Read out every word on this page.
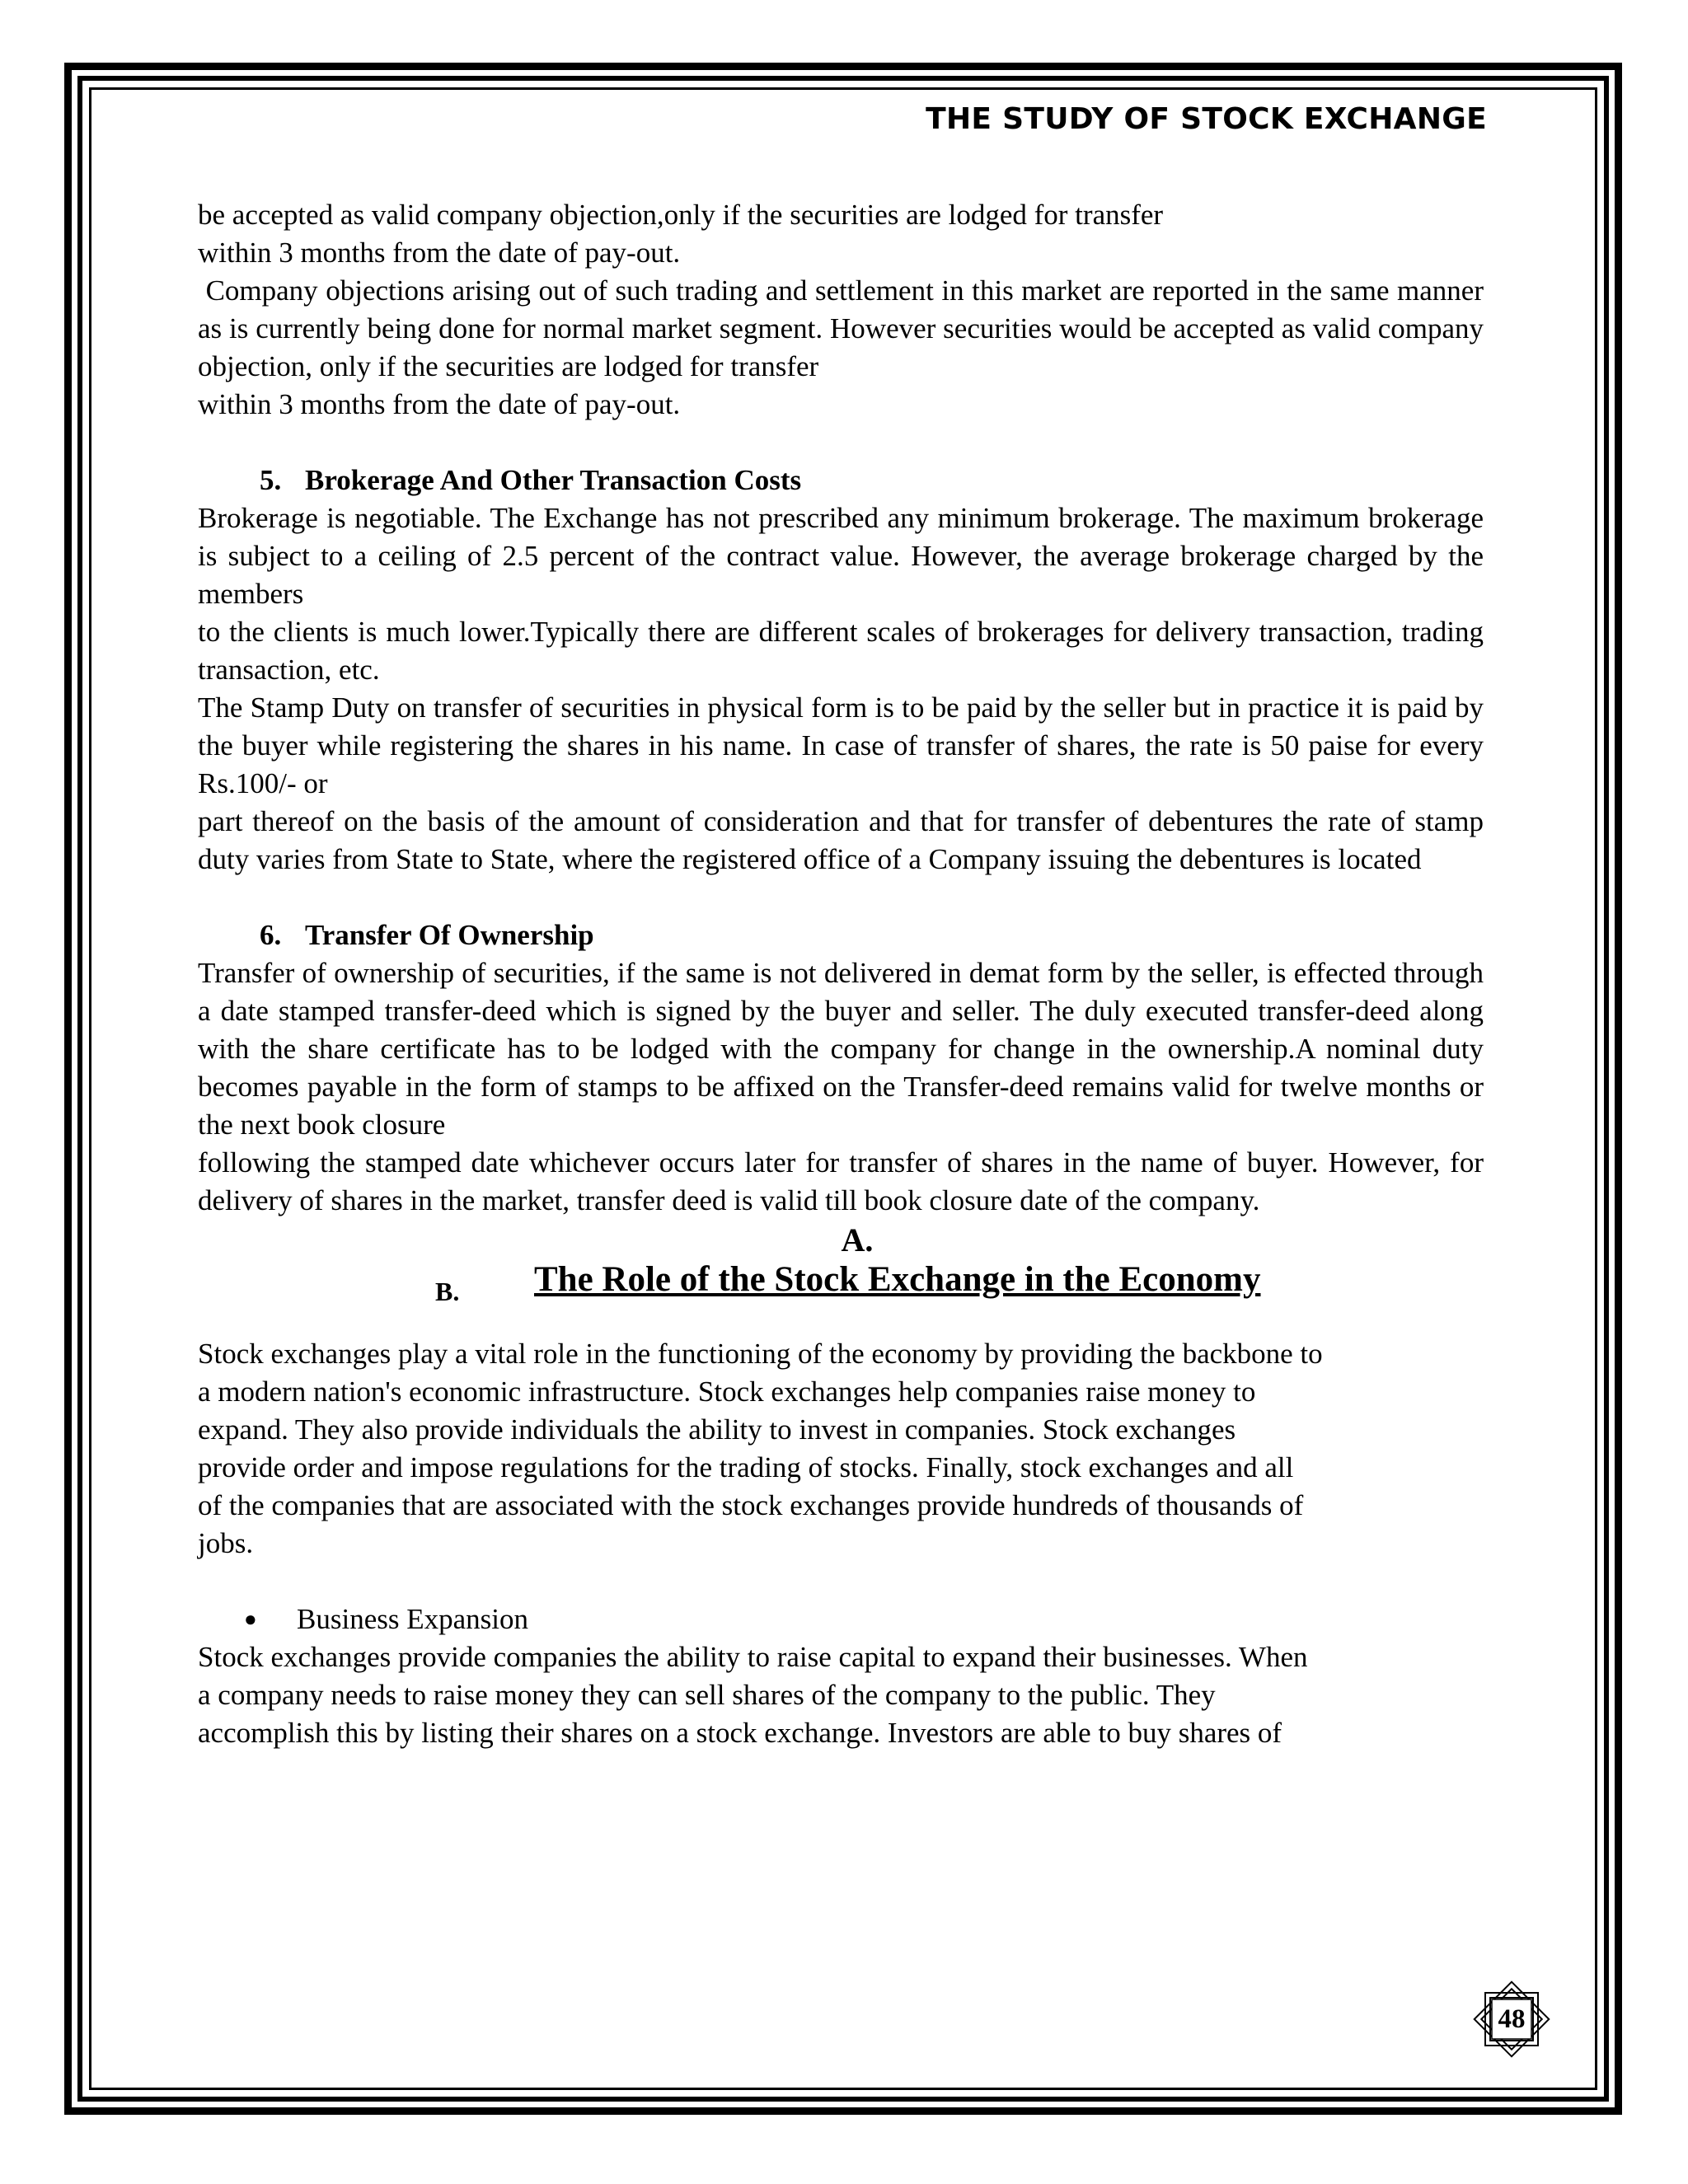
THE STUDY OF STOCK EXCHANGE

be accepted as valid company objection,only if the securities are lodged for transfer

within 3 months from the date of pay-out.

Company objections arising out of such trading and settlement in this market are reported in the same manner as is currently being done for normal market segment. However securities would be accepted as valid company objection, only if the securities are lodged for transfer

within 3 months from the date of pay-out.

5. Brokerage And Other Transaction Costs

Brokerage is negotiable. The Exchange has not prescribed any minimum brokerage. The maximum brokerage is subject to a ceiling of 2.5 percent of the contract value. However, the average brokerage charged by the members

to the clients is much lower.Typically there are different scales of brokerages for delivery transaction, trading transaction, etc.

The Stamp Duty on transfer of securities in physical form is to be paid by the seller but in practice it is paid by the buyer while registering the shares in his name. In case of transfer of shares, the rate is 50 paise for every Rs.100/- or

part thereof on the basis of the amount of consideration and that for transfer of debentures the rate of stamp duty varies from State to State, where the registered office of a Company issuing the debentures is located

6. Transfer Of Ownership

Transfer of ownership of securities, if the same is not delivered in demat form by the seller, is effected through a date stamped transfer-deed which is signed by the buyer and seller. The duly executed transfer-deed along with the share certificate has to be lodged with the company for change in the ownership.A nominal duty becomes payable in the form of stamps to be affixed on the Transfer-deed remains valid for twelve months or the next book closure

following the stamped date whichever occurs later for transfer of shares in the name of buyer. However, for delivery of shares in the market, transfer deed is valid till book closure date of the company.

A.

B. The Role of the Stock Exchange in the Economy

Stock exchanges play a vital role in the functioning of the economy by providing the backbone to

a modern nation's economic infrastructure. Stock exchanges help companies raise money to

expand. They also provide individuals the ability to invest in companies. Stock exchanges

provide order and impose regulations for the trading of stocks. Finally, stock exchanges and all

of the companies that are associated with the stock exchanges provide hundreds of thousands of

jobs.

● Business Expansion

Stock exchanges provide companies the ability to raise capital to expand their businesses. When

a company needs to raise money they can sell shares of the company to the public. They

accomplish this by listing their shares on a stock exchange. Investors are able to buy shares of

48
